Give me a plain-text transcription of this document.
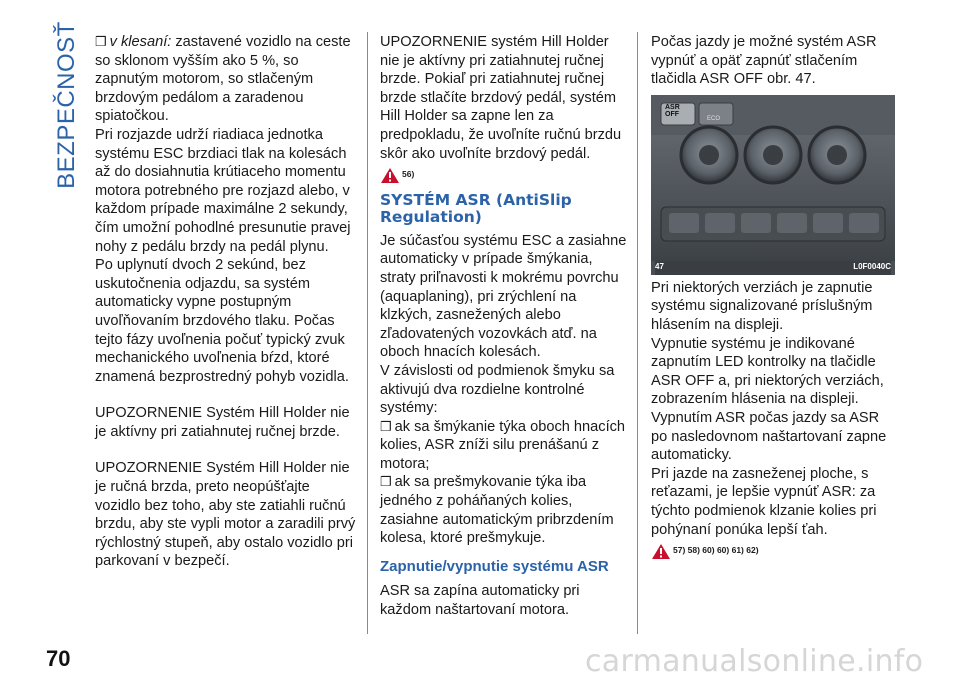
BEZPEČNOSŤ ❒ v klesaní: zastavené vozidlo na ceste so sklonom vyšším ako 5 %, so zapnutým motorom, so stlačeným brzdovým pedálom a zaradenou spiatočkou.

Pri rozjazde udrží riadiaca jednotka systému ESC brzdiaci tlak na kolesách až do dosiahnutia krútiaceho momentu motora potrebného pre rozjazd alebo, v každom prípade maximálne 2 sekundy, čím umožní pohodlné presunutie pravej nohy z pedálu brzdy na pedál plynu.

Po uplynutí dvoch 2 sekúnd, bez uskutočnenia odjazdu, sa systém automaticky vypne postupným uvoľňovaním brzdového tlaku. Počas tejto fázy uvoľnenia počuť typický zvuk mechanického uvoľnenia bŕzd, ktoré znamená bezprostredný pohyb vozidla.

UPOZORNENIE Systém Hill Holder nie je aktívny pri zatiahnutej ručnej brzde.

UPOZORNENIE Systém Hill Holder nie je ručná brzda, preto neopúšťajte vozidlo bez toho, aby ste zatiahli ručnú brzdu, aby ste vypli motor a zaradili prvý rýchlostný stupeň, aby ostalo vozidlo pri parkovaní v bezpečí.

UPOZORNENIE systém Hill Holder nie je aktívny pri zatiahnutej ručnej brzde. Pokiaľ pri zatiahnutej ručnej brzde stlačíte brzdový pedál, systém Hill Holder sa zapne len za predpokladu, že uvoľníte ručnú brzdu skôr ako uvoľníte brzdový pedál.

56)
SYSTÉM ASR (AntiSlip Regulation)

Je súčasťou systému ESC a zasiahne automaticky v prípade šmýkania, straty priľnavosti k mokrému povrchu (aquaplaning), pri zrýchlení na klzkých, zasnežených alebo zľadovatených vozovkách atď. na oboch hnacích kolesách.

V závislosti od podmienok šmyku sa aktivujú dva rozdielne kontrolné systémy:

❒ ak sa šmýkanie týka oboch hnacích kolies, ASR zníži silu prenášanú z motora;

❒ ak sa prešmykovanie týka iba jedného z poháňaných kolies, zasiahne automatickým pribrzdením kolesa, ktoré prešmykuje.

Zapnutie/vypnutie systému ASR

ASR sa zapína automaticky pri každom naštartovaní motora.

Počas jazdy je možné systém ASR vypnúť a opäť zapnúť stlačením tlačidla ASR OFF obr. 47.

ASR
OFF
ECO
47	L0F0040C

Pri niektorých verziách je zapnutie systému signalizované príslušným hlásením na displeji.

Vypnutie systému je indikované zapnutím LED kontrolky na tlačidle ASR OFF a, pri niektorých verziách, zobrazením hlásenia na displeji.

Vypnutím ASR počas jazdy sa ASR po nasledovnom naštartovaní zapne automaticky.

Pri jazde na zasneženej ploche, s reťazami, je lepšie vypnúť ASR: za týchto podmienok klzanie kolies pri pohýnaní ponúka lepší ťah.

57) 58) 60) 60) 61) 62)
70	carmanualsonline.info
